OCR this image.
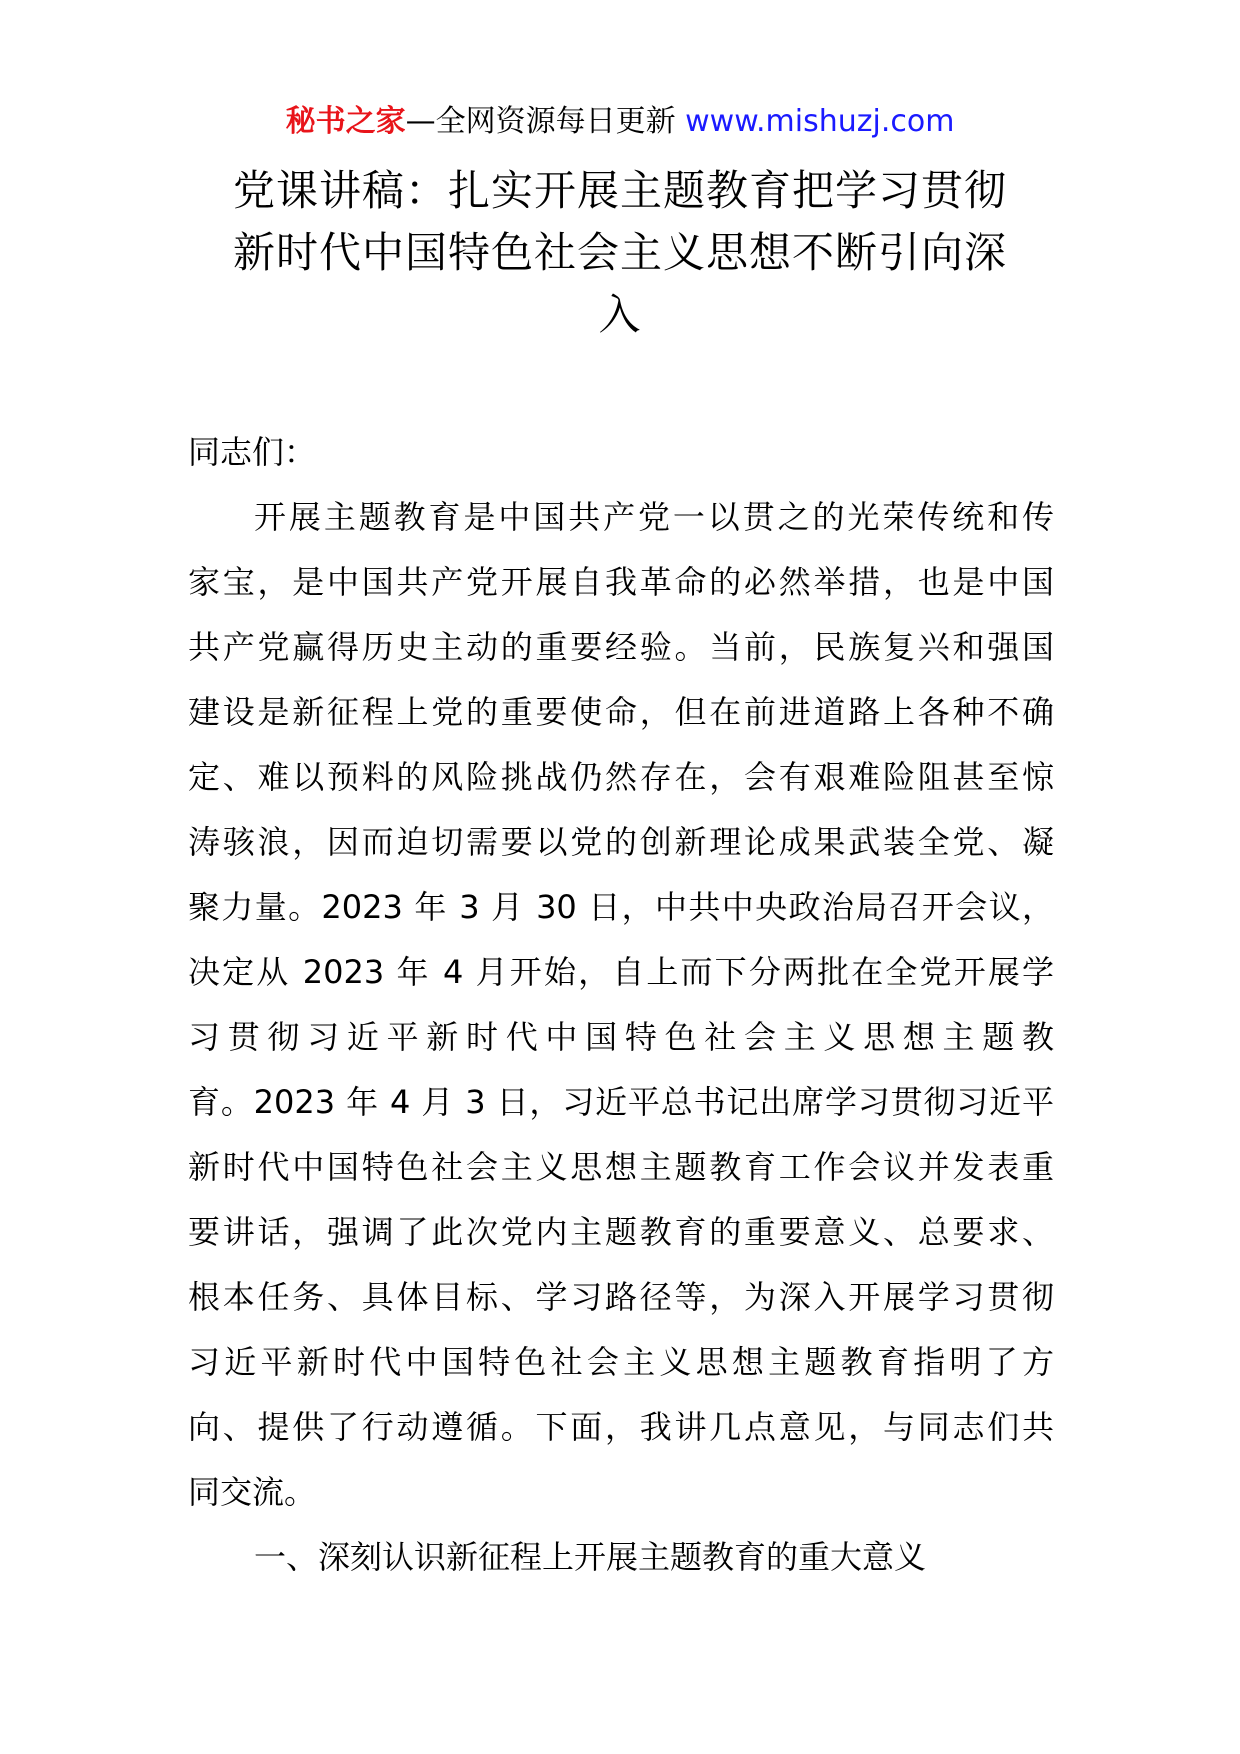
秘书之家—全网资源每日更新 www.mishuzj.com
党课讲稿：扎实开展主题教育把学习贯彻
新时代中国特色社会主义思想不断引向深
入
同志们：
开展主题教育是中国共产党一以贯之的光荣传统和传
家宝，是中国共产党开展自我革命的必然举措，也是中国
共产党赢得历史主动的重要经验。当前，民族复兴和强国
建设是新征程上党的重要使命，但在前进道路上各种不确
定、难以预料的风险挑战仍然存在，会有艰难险阻甚至惊
涛骇浪，因而迫切需要以党的创新理论成果武装全党、凝
聚力量。2023 年 3 月 30 日，中共中央政治局召开会议，
决定从 2023 年 4 月开始，自上而下分两批在全党开展学
习贯彻习近平新时代中国特色社会主义思想主题教
育。2023 年 4 月 3 日，习近平总书记出席学习贯彻习近平
新时代中国特色社会主义思想主题教育工作会议并发表重
要讲话，强调了此次党内主题教育的重要意义、总要求、
根本任务、具体目标、学习路径等，为深入开展学习贯彻
习近平新时代中国特色社会主义思想主题教育指明了方
向、提供了行动遵循。下面，我讲几点意见，与同志们共
同交流。
一、深刻认识新征程上开展主题教育的重大意义
